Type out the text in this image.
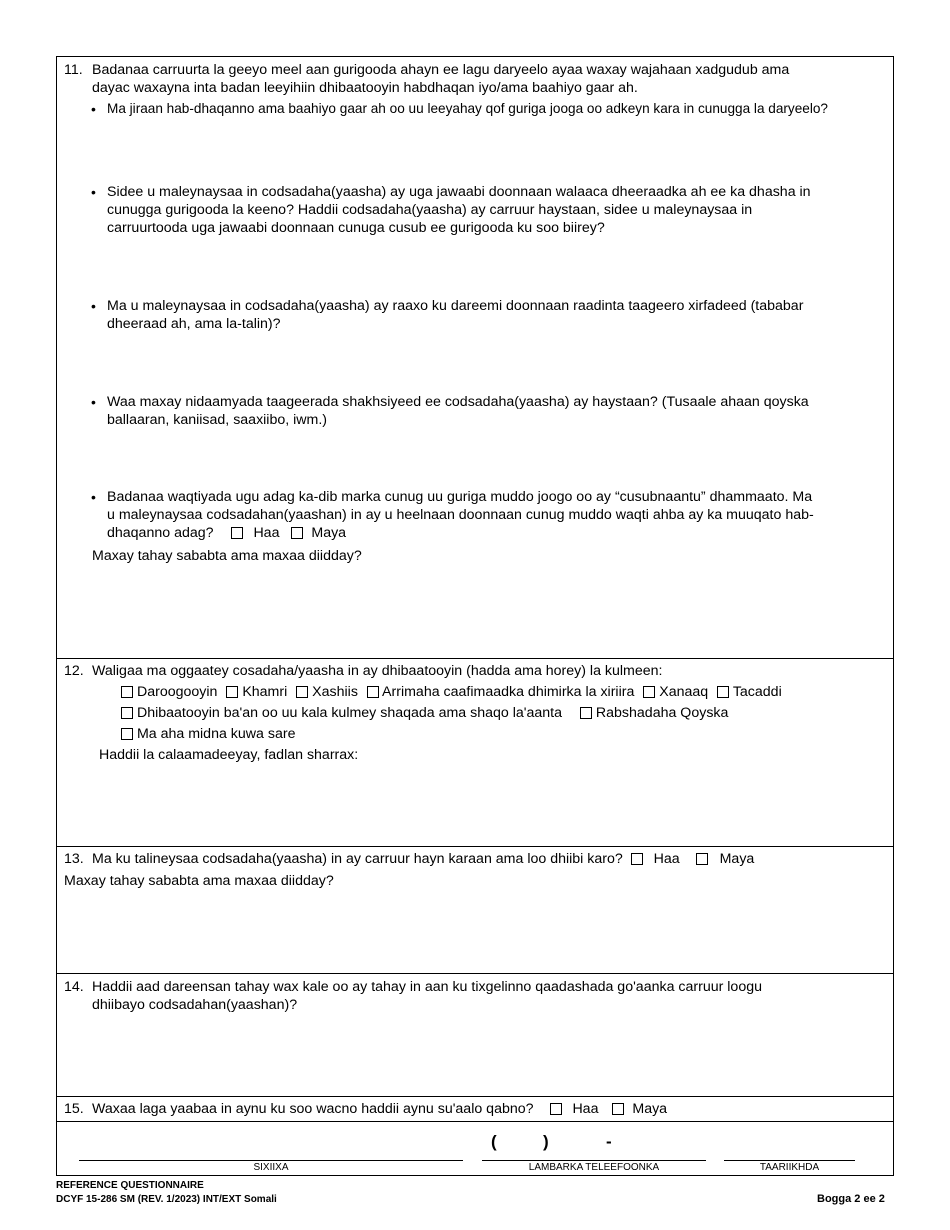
11. Badanaa carruurta la geeyo meel aan gurigooda ahayn ee lagu daryeelo ayaa waxay wajahaan xadgudub ama
dayac waxayna inta badan leeyihiin dhibaatooyin habdhaqan iyo/ama baahiyo gaar ah.
• Ma jiraan hab-dhaqanno ama baahiyo gaar ah oo uu leeyahay qof guriga jooga oo adkeyn kara in cunugga la daryeelo?
• Sidee u maleynaysaa in codsadaha(yaasha) ay uga jawaabi doonnaan walaaca dheeraadka ah ee ka dhasha in
cunugga gurigooda la keeno? Haddii codsadaha(yaasha) ay carruur haystaan, sidee u maleynaysaa in
carruurtooda uga jawaabi doonnaan cunuga cusub ee gurigooda ku soo biirey?
• Ma u maleynaysaa in codsadaha(yaasha) ay raaxo ku dareemi doonnaan raadinta taageero xirfadeed (tababar
dheeraad ah, ama la-talin)?
• Waa maxay nidaamyada taageerada shakhsiyeed ee codsadaha(yaasha) ay haystaan? (Tusaale ahaan qoyska
ballaaran, kaniisad, saaxiibo, iwm.)
• Badanaa waqtiyada ugu adag ka-dib marka cunug uu guriga muddo joogo oo ay “cusubnaantu” dhammaato. Ma
u maleynaysaa codsadahan(yaashan) in ay u heelnaan doonnaan cunug muddo waqti ahba ay ka muuqato hab-
dhaqanno adag?	Haa Maya
Maxay tahay sababta ama maxaa diidday?
12. Waligaa ma oggaatey cosadaha/yaasha in ay dhibaatooyin (hadda ama horey) la kulmeen:
Daroogooyin Khamri Xashiis Arrimaha caafimaadka dhimirka la xiriira Xanaaq Tacaddi
Dhibaatooyin ba'an oo uu kala kulmey shaqada ama shaqo la'aanta Rabshadaha Qoyska
Ma aha midna kuwa sare
Haddii la calaamadeeyay, fadlan sharrax:
13. Ma ku talineysaa codsadaha(yaasha) in ay carruur hayn karaan ama loo dhiibi karo? Haa	Maya
Maxay tahay sababta ama maxaa diidday?
14. Haddii aad dareensan tahay wax kale oo ay tahay in aan ku tixgelinno qaadashada go'aanka carruur loogu
dhiibayo codsadahan(yaashan)?
15. Waxaa laga yaabaa in aynu ku soo wacno haddii aynu su'aalo qabno?	Haa Maya
(	)	-
SIXIIXA	LAMBARKA TELEEFOONKA	TAARIIKHDA
REFERENCE QUESTIONNAIRE
DCYF 15-286 SM (REV. 1/2023) INT/EXT Somali	Bogga 2 ee 2
